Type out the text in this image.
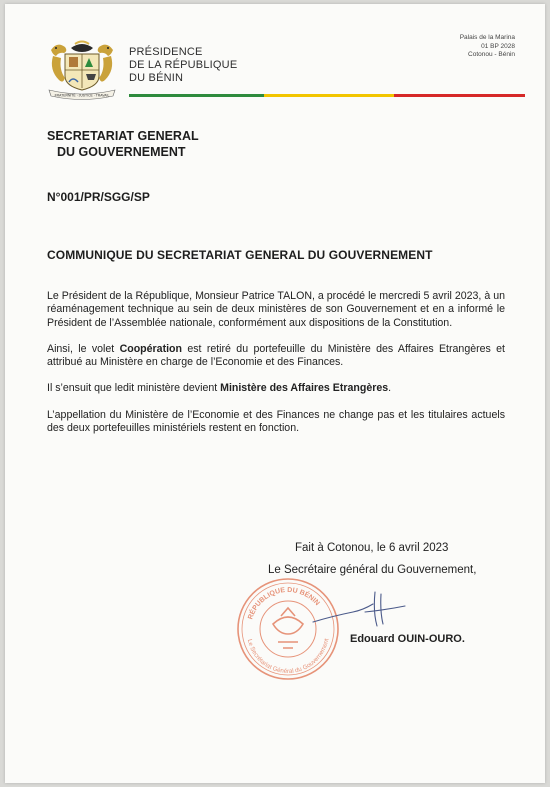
FRATERNITÉ · JUSTICE · TRAVAIL
PRÉSIDENCE
DE LA RÉPUBLIQUE
DU BÉNIN
Palais de la Marina
01 BP 2028
Cotonou - Bénin
SECRETARIAT GENERAL
DU GOUVERNEMENT
N°001/PR/SGG/SP
COMMUNIQUE DU SECRETARIAT GENERAL DU GOUVERNEMENT

Le Président de la République, Monsieur Patrice TALON, a procédé le mercredi 5 avril 2023, à un réaménagement technique au sein de deux ministères de son Gouvernement et en a informé le Président de l’Assemblée nationale, conformément aux dispositions de la Constitution.

Ainsi, le volet Coopération est retiré du portefeuille du Ministère des Affaires Etrangères et attribué au Ministère en charge de l’Economie et des Finances.

Il s’ensuit que ledit ministère devient Ministère des Affaires Etrangères.

L’appellation du Ministère de l’Economie et des Finances ne change pas et les titulaires actuels des deux portefeuilles ministériels restent en fonction.

Fait à Cotonou, le 6 avril 2023
Le Secrétaire général du Gouvernement,
RÉPUBLIQUE DU BÉNIN
Le Secrétariat Général du Gouvernement Edouard OUIN-OURO.
